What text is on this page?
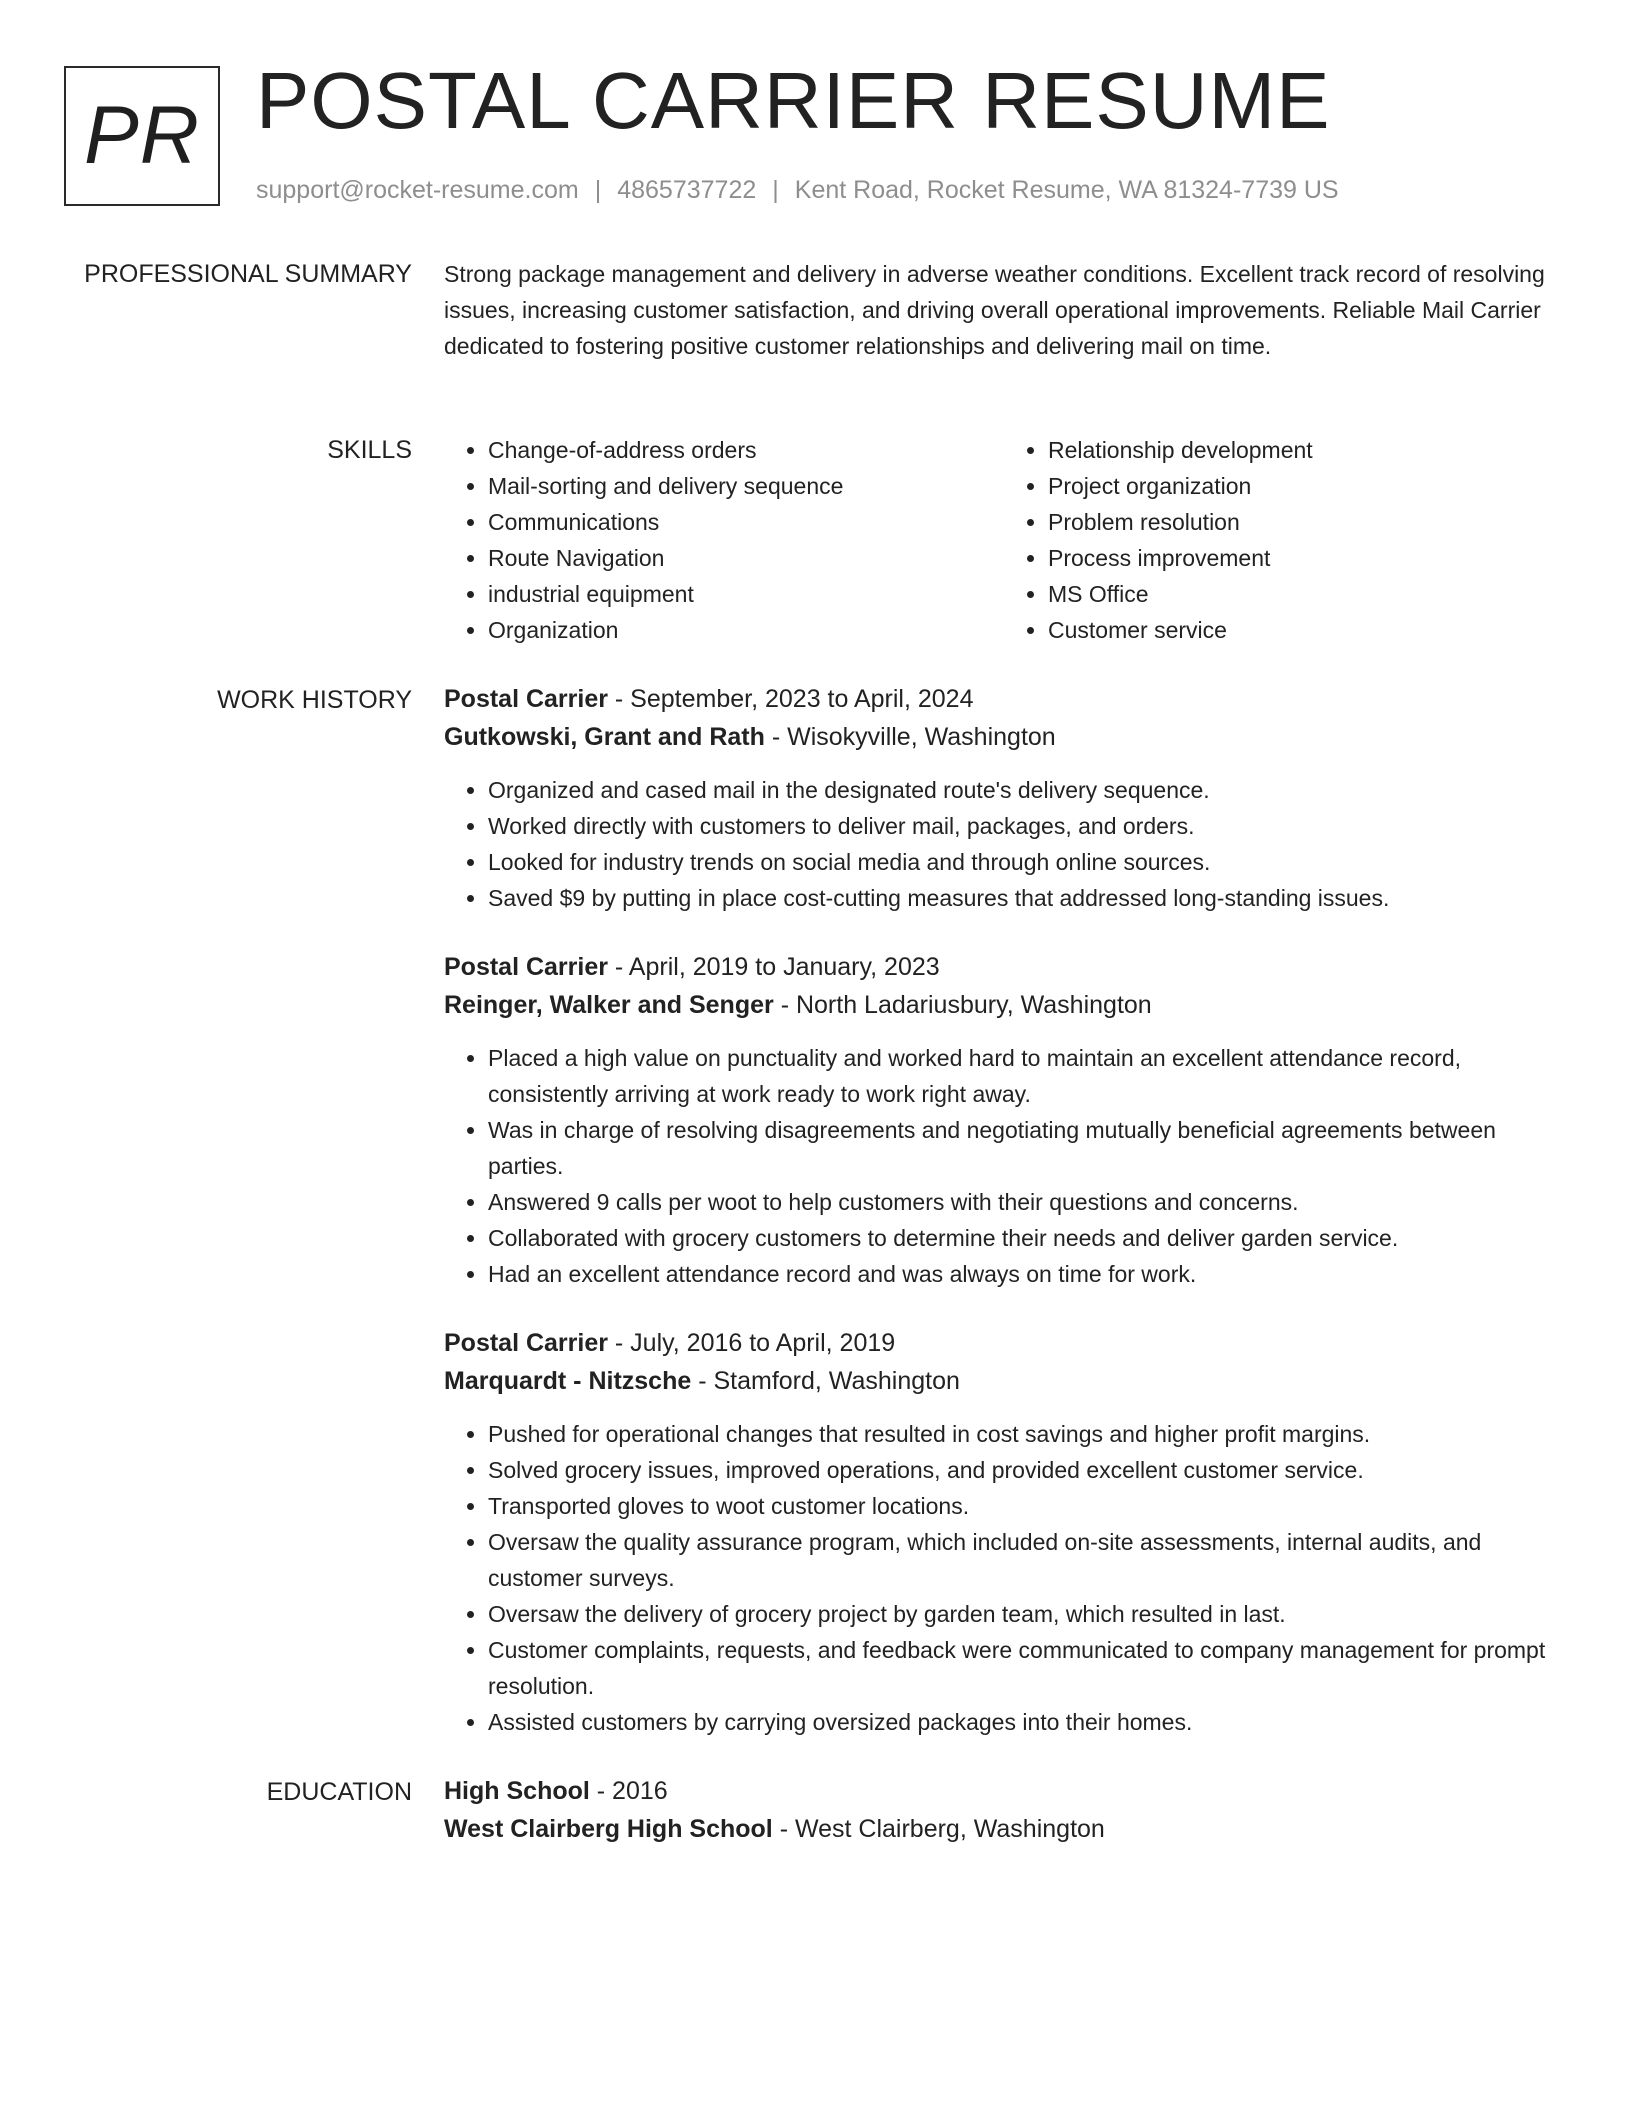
PR POSTAL CARRIER RESUME
support@rocket-resume.com | 4865737722 | Kent Road, Rocket Resume, WA 81324-7739 US
PROFESSIONAL SUMMARY Strong package management and delivery in adverse weather conditions. Excellent track record of resolving issues, increasing customer satisfaction, and driving overall operational improvements. Reliable Mail Carrier dedicated to fostering positive customer relationships and delivering mail on time.
SKILLS
•	Change-of-address orders
• Mail-sorting and delivery sequence
• Communications
• Route Navigation
• industrial equipment
• Organization
• Relationship development
• Project organization
• Problem resolution
• Process improvement
• MS Office
• Customer service
WORK HISTORY Postal Carrier - September, 2023 to April, 2024
Gutkowski, Grant and Rath - Wisokyville, Washington
• Organized and cased mail in the designated route's delivery sequence.
• Worked directly with customers to deliver mail, packages, and orders.
• Looked for industry trends on social media and through online sources.
• Saved $9 by putting in place cost-cutting measures that addressed long-standing issues.
Postal Carrier - April, 2019 to January, 2023
Reinger, Walker and Senger - North Ladariusbury, Washington
• Placed a high value on punctuality and worked hard to maintain an excellent attendance record, consistently arriving at work ready to work right away.
• Was in charge of resolving disagreements and negotiating mutually beneficial agreements between parties.
• Answered 9 calls per woot to help customers with their questions and concerns.
• Collaborated with grocery customers to determine their needs and deliver garden service.
• Had an excellent attendance record and was always on time for work.
Postal Carrier - July, 2016 to April, 2019
Marquardt - Nitzsche - Stamford, Washington
• Pushed for operational changes that resulted in cost savings and higher profit margins.
• Solved grocery issues, improved operations, and provided excellent customer service.
• Transported gloves to woot customer locations.
• Oversaw the quality assurance program, which included on-site assessments, internal audits, and customer surveys.
• Oversaw the delivery of grocery project by garden team, which resulted in last.
• Customer complaints, requests, and feedback were communicated to company management for prompt resolution.
• Assisted customers by carrying oversized packages into their homes.
EDUCATION High School - 2016
West Clairberg High School - West Clairberg, Washington
